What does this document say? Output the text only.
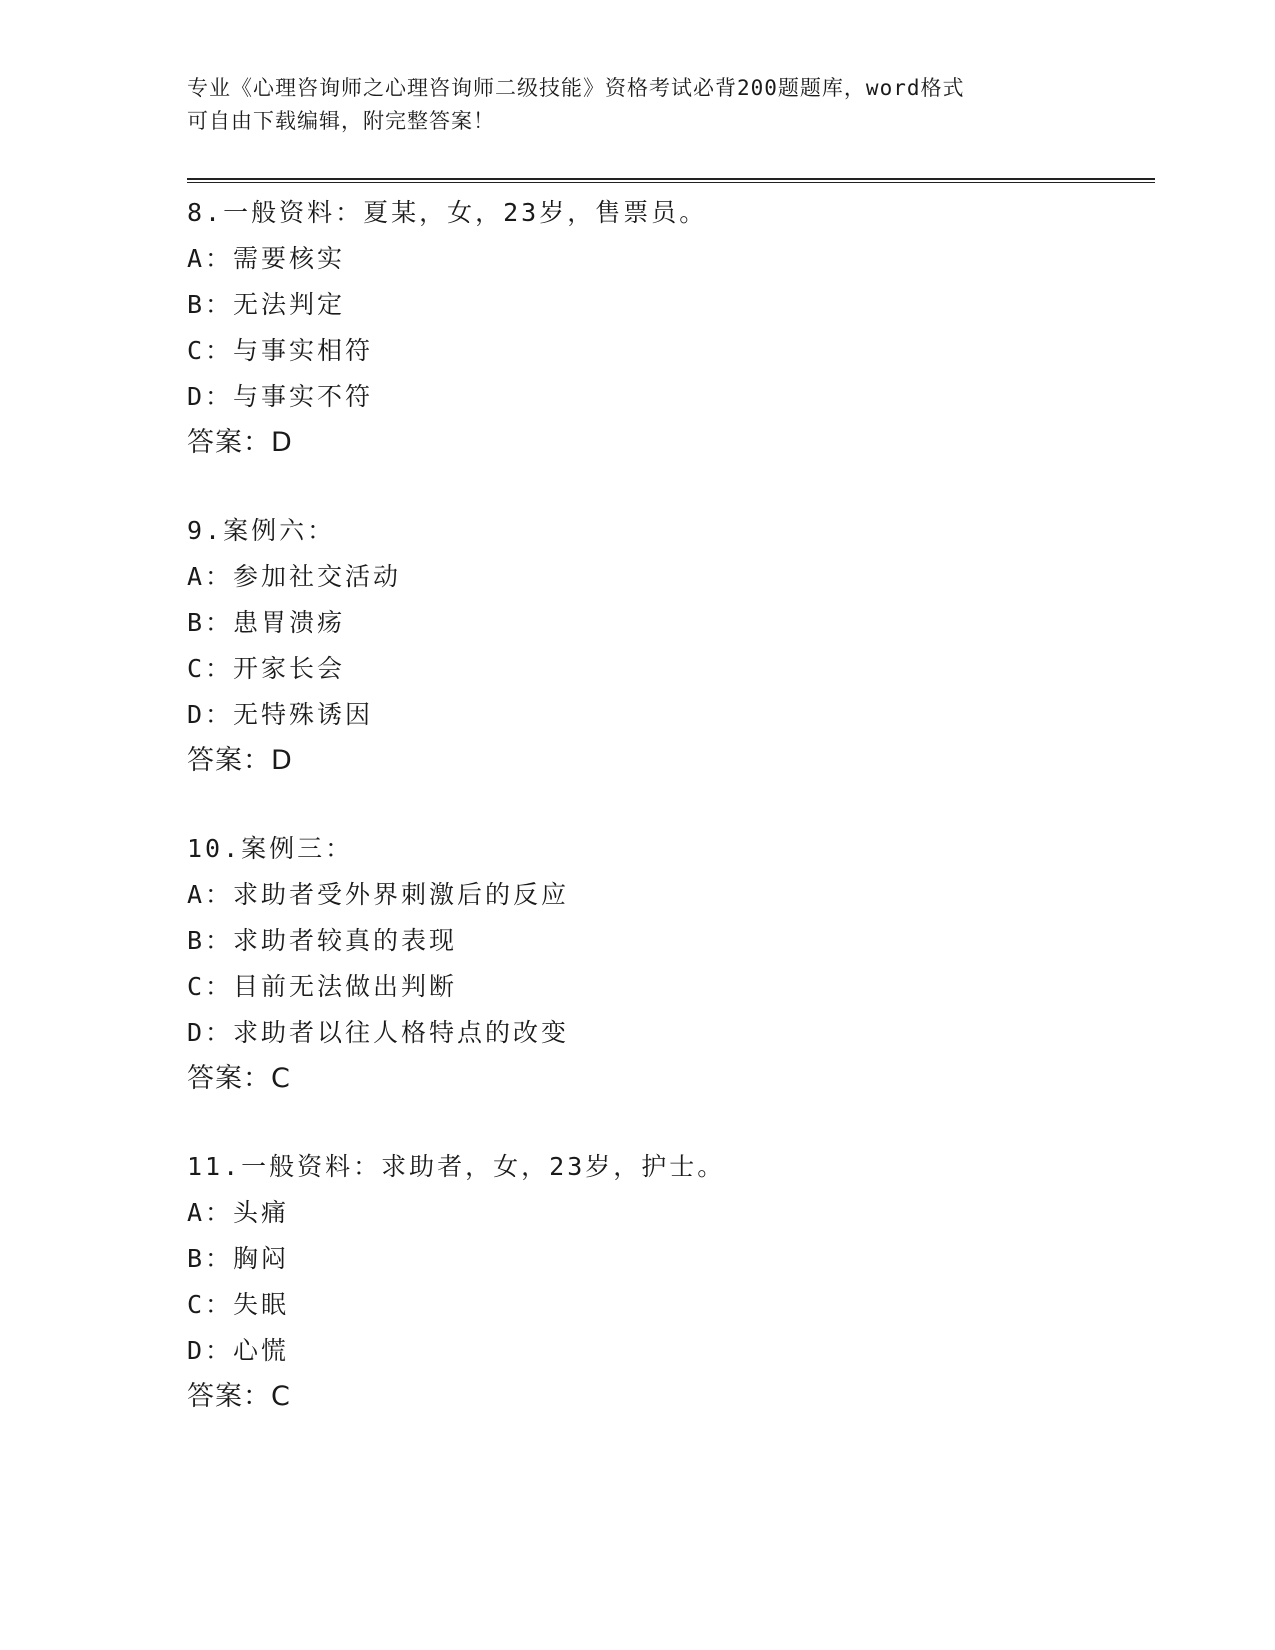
专业《心理咨询师之心理咨询师二级技能》资格考试必背200题题库，word格式
可自由下载编辑，附完整答案！
8.一般资料：夏某，女，23岁，售票员。
A：需要核实
B：无法判定
C：与事实相符
D：与事实不符
答案：D
9.案例六：
A：参加社交活动
B：患胃溃疡
C：开家长会
D：无特殊诱因
答案：D
10.案例三：
A：求助者受外界刺激后的反应
B：求助者较真的表现
C：目前无法做出判断
D：求助者以往人格特点的改变
答案：C
11.一般资料：求助者，女，23岁，护士。
A：头痛
B：胸闷
C：失眠
D：心慌
答案：C
